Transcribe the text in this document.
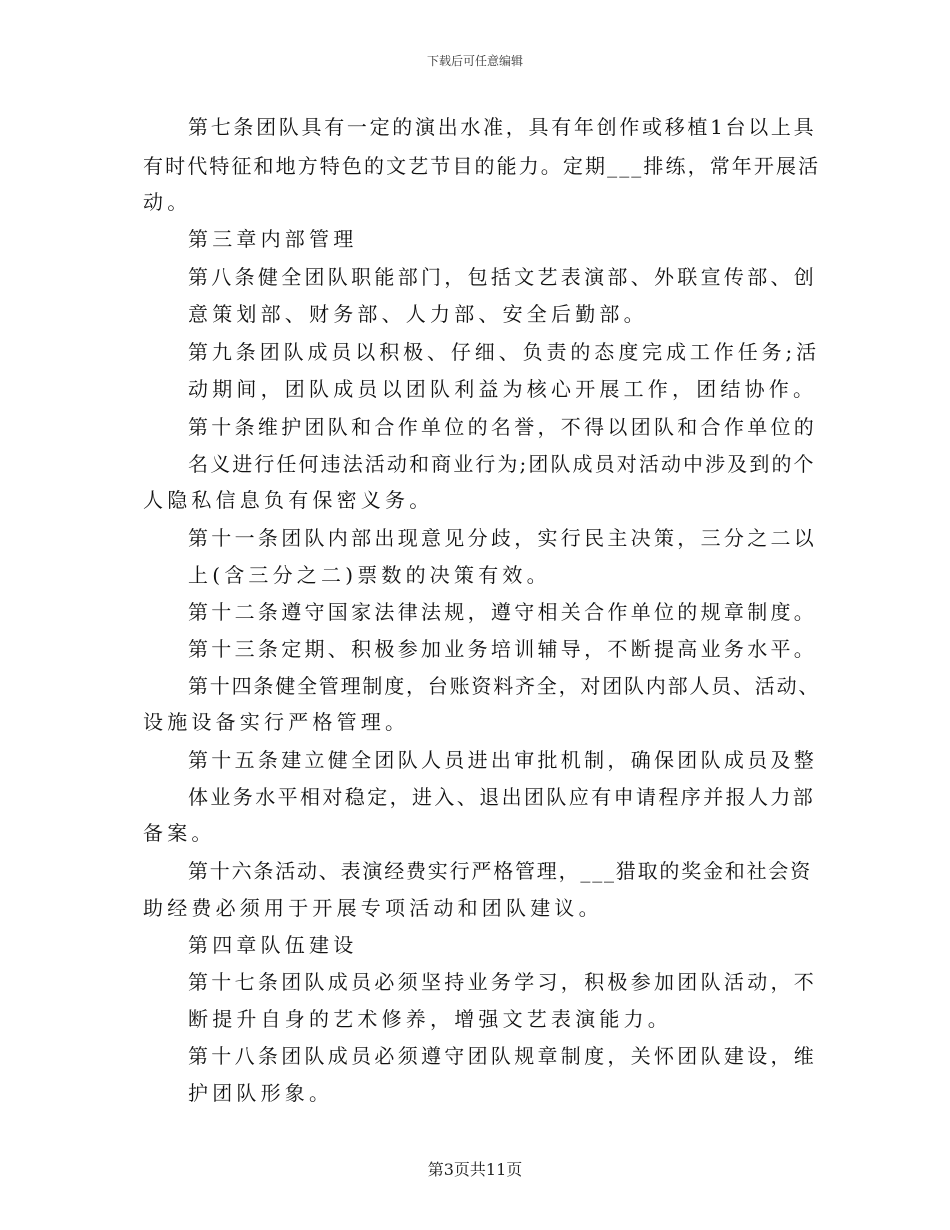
下载后可任意编辑
第七条团队具有一定的演出水准，具有年创作或移植1台以上具
有时代特征和地方特色的文艺节目的能力。定期___排练，常年开展活
动。
第三章内部管理
第八条健全团队职能部门，包括文艺表演部、外联宣传部、创
意策划部、财务部、人力部、安全后勤部。
第九条团队成员以积极、仔细、负责的态度完成工作任务;活
动期间，团队成员以团队利益为核心开展工作，团结协作。
第十条维护团队和合作单位的名誉，不得以团队和合作单位的
名义进行任何违法活动和商业行为;团队成员对活动中涉及到的个
人隐私信息负有保密义务。
第十一条团队内部出现意见分歧，实行民主决策，三分之二以
上(含三分之二)票数的决策有效。
第十二条遵守国家法律法规，遵守相关合作单位的规章制度。
第十三条定期、积极参加业务培训辅导，不断提高业务水平。
第十四条健全管理制度，台账资料齐全，对团队内部人员、活动、
设施设备实行严格管理。
第十五条建立健全团队人员进出审批机制，确保团队成员及整
体业务水平相对稳定，进入、退出团队应有申请程序并报人力部
备案。
第十六条活动、表演经费实行严格管理，___猎取的奖金和社会资
助经费必须用于开展专项活动和团队建议。
第四章队伍建设
第十七条团队成员必须坚持业务学习，积极参加团队活动，不
断提升自身的艺术修养，增强文艺表演能力。
第十八条团队成员必须遵守团队规章制度，关怀团队建设，维
护团队形象。
第3页共11页
